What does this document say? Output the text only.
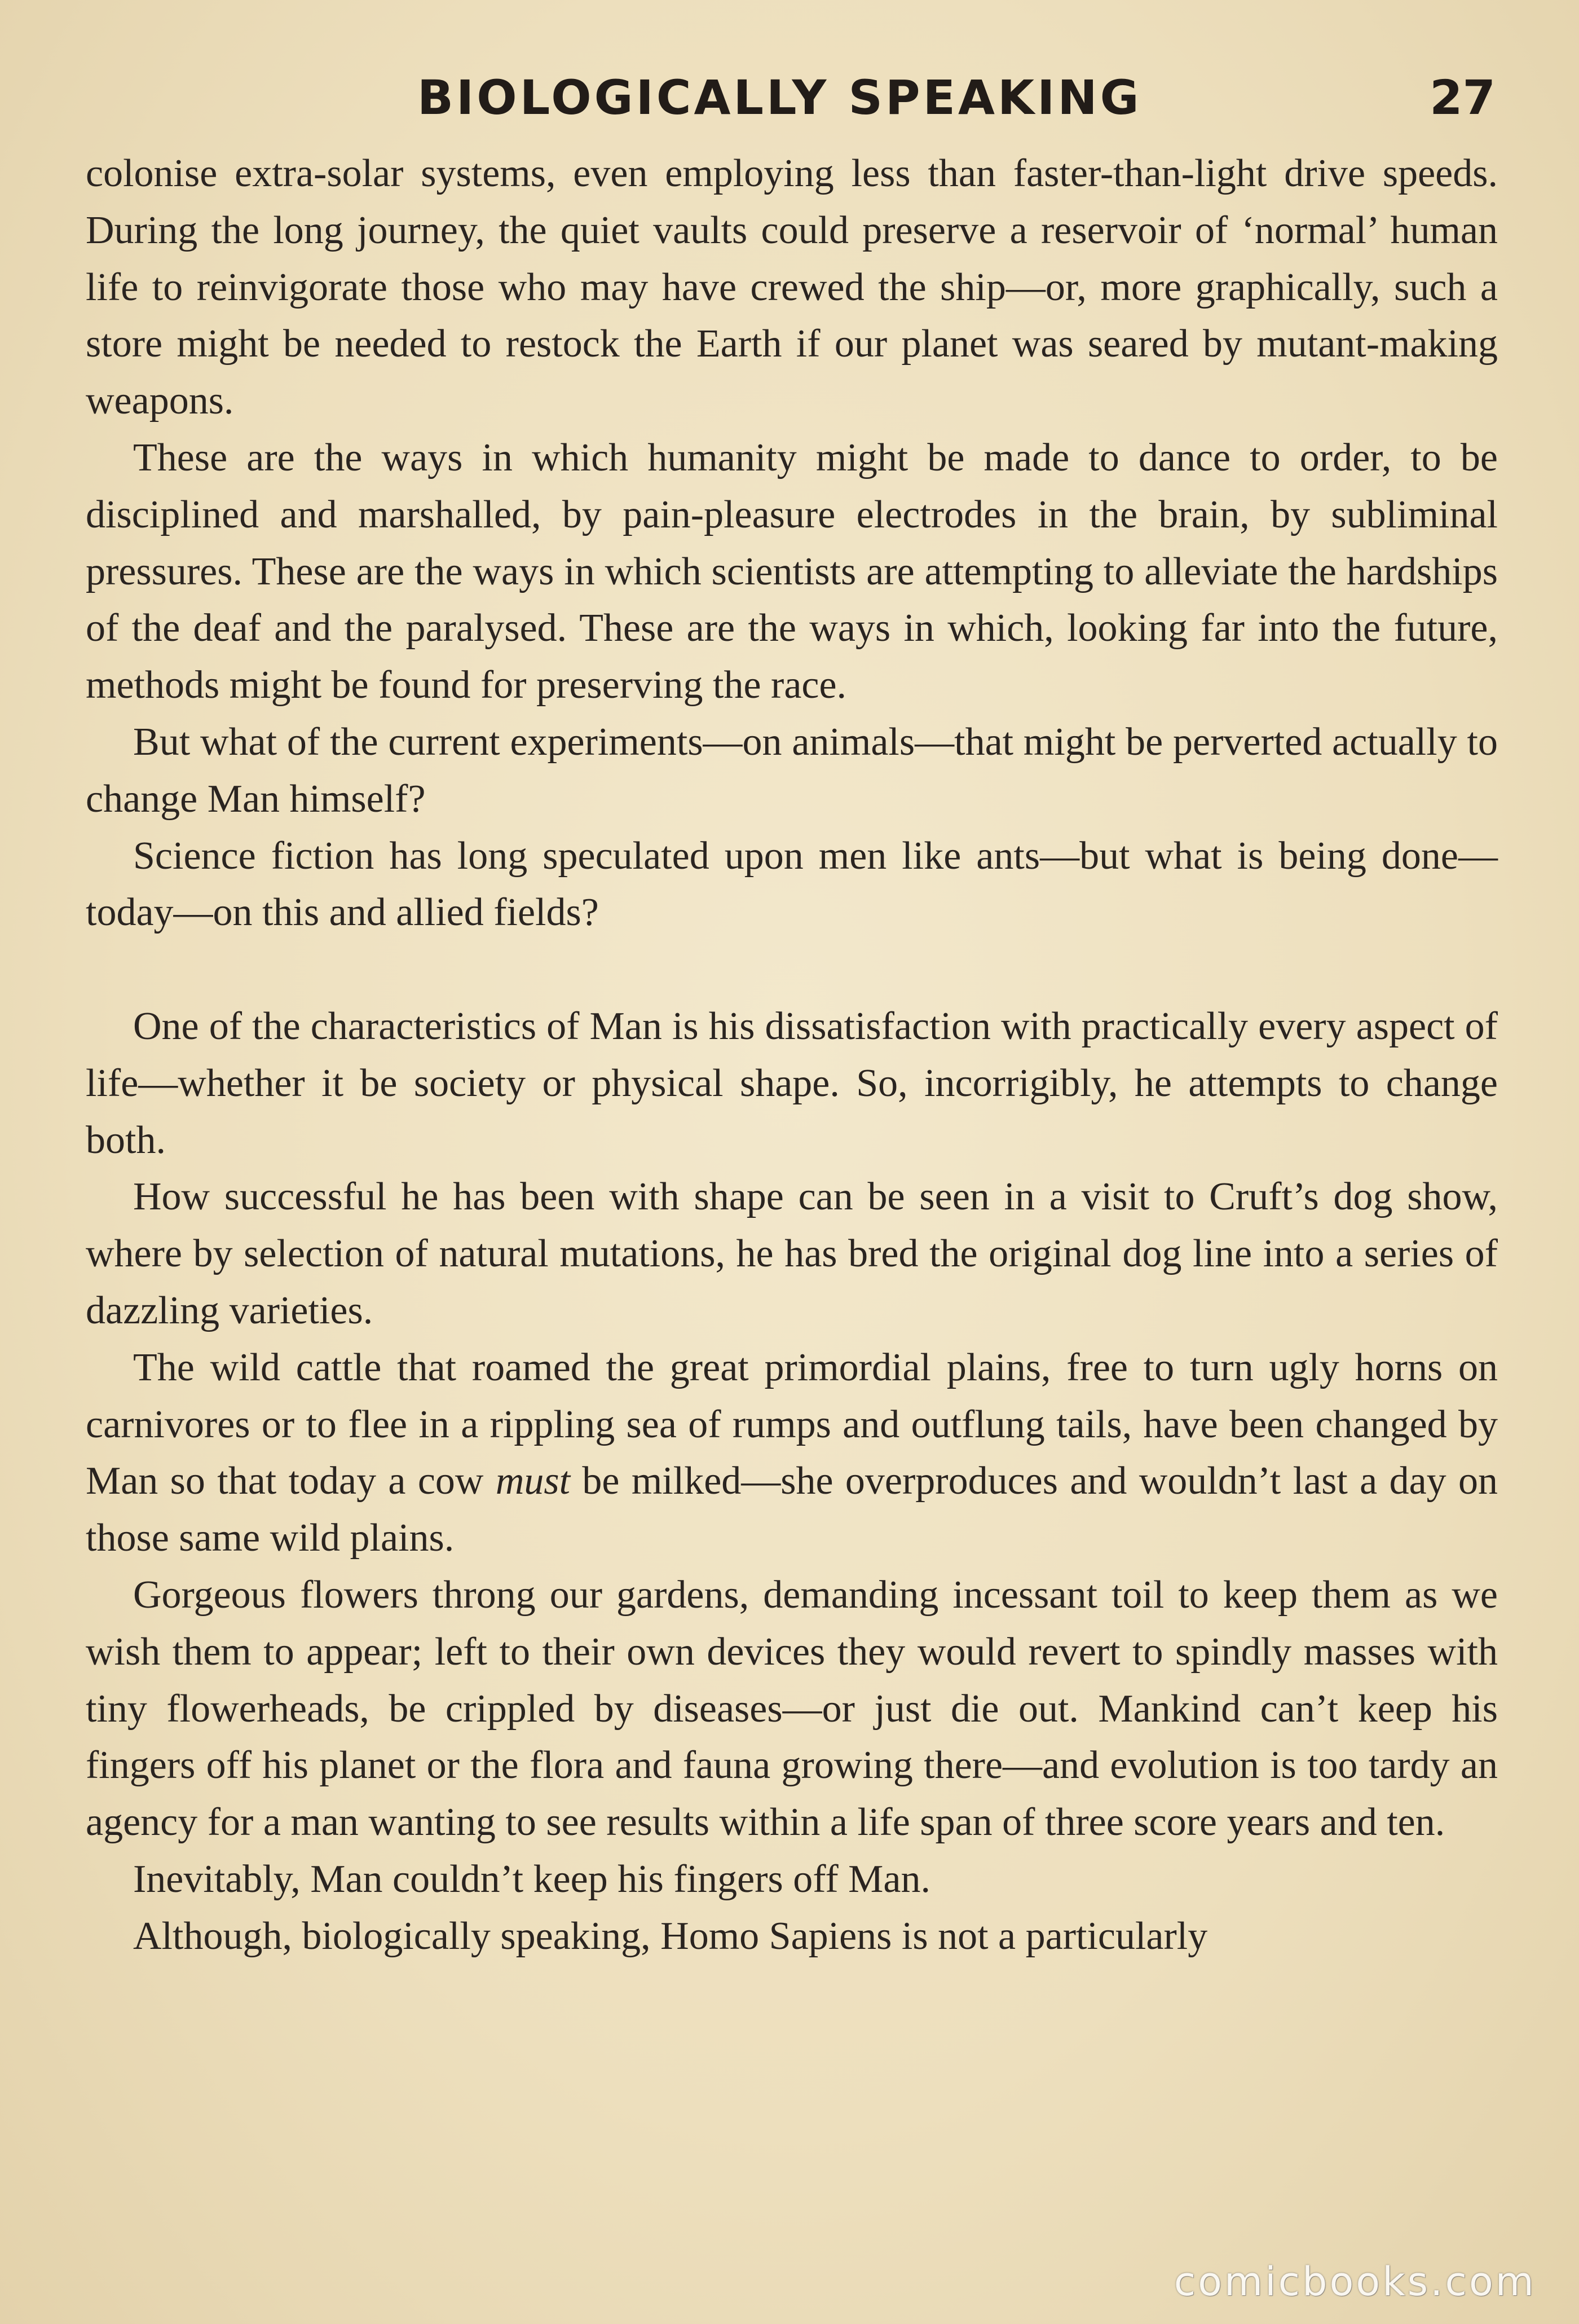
BIOLOGICALLY SPEAKING	27

colonise extra-solar systems, even employing less than faster-than-light drive speeds. During the long journey, the quiet vaults could preserve a reservoir of ‘normal’ human life to reinvigorate those who may have crewed the ship—or, more graphically, such a store might be needed to restock the Earth if our planet was seared by mutant-making weapons.

These are the ways in which humanity might be made to dance to order, to be disciplined and marshalled, by pain-pleasure electrodes in the brain, by subliminal pressures. These are the ways in which scientists are attempting to alleviate the hardships of the deaf and the paralysed. These are the ways in which, looking far into the future, methods might be found for preserving the race.

But what of the current experiments—on animals—that might be perverted actually to change Man himself?

Science fiction has long speculated upon men like ants—but what is being done—today—on this and allied fields?

One of the characteristics of Man is his dissatisfaction with practically every aspect of life—whether it be society or physical shape. So, incorrigibly, he attempts to change both.

How successful he has been with shape can be seen in a visit to Cruft’s dog show, where by selection of natural mutations, he has bred the original dog line into a series of dazzling varieties.

The wild cattle that roamed the great primordial plains, free to turn ugly horns on carnivores or to flee in a rippling sea of rumps and outflung tails, have been changed by Man so that today a cow must be milked—she overproduces and wouldn’t last a day on those same wild plains.

Gorgeous flowers throng our gardens, demanding incessant toil to keep them as we wish them to appear; left to their own devices they would revert to spindly masses with tiny flowerheads, be crippled by diseases—or just die out. Mankind can’t keep his fingers off his planet or the flora and fauna growing there—and evolution is too tardy an agency for a man wanting to see results within a life span of three score years and ten.

Inevitably, Man couldn’t keep his fingers off Man.

Although, biologically speaking, Homo Sapiens is not a particularly

comicbooks.com
